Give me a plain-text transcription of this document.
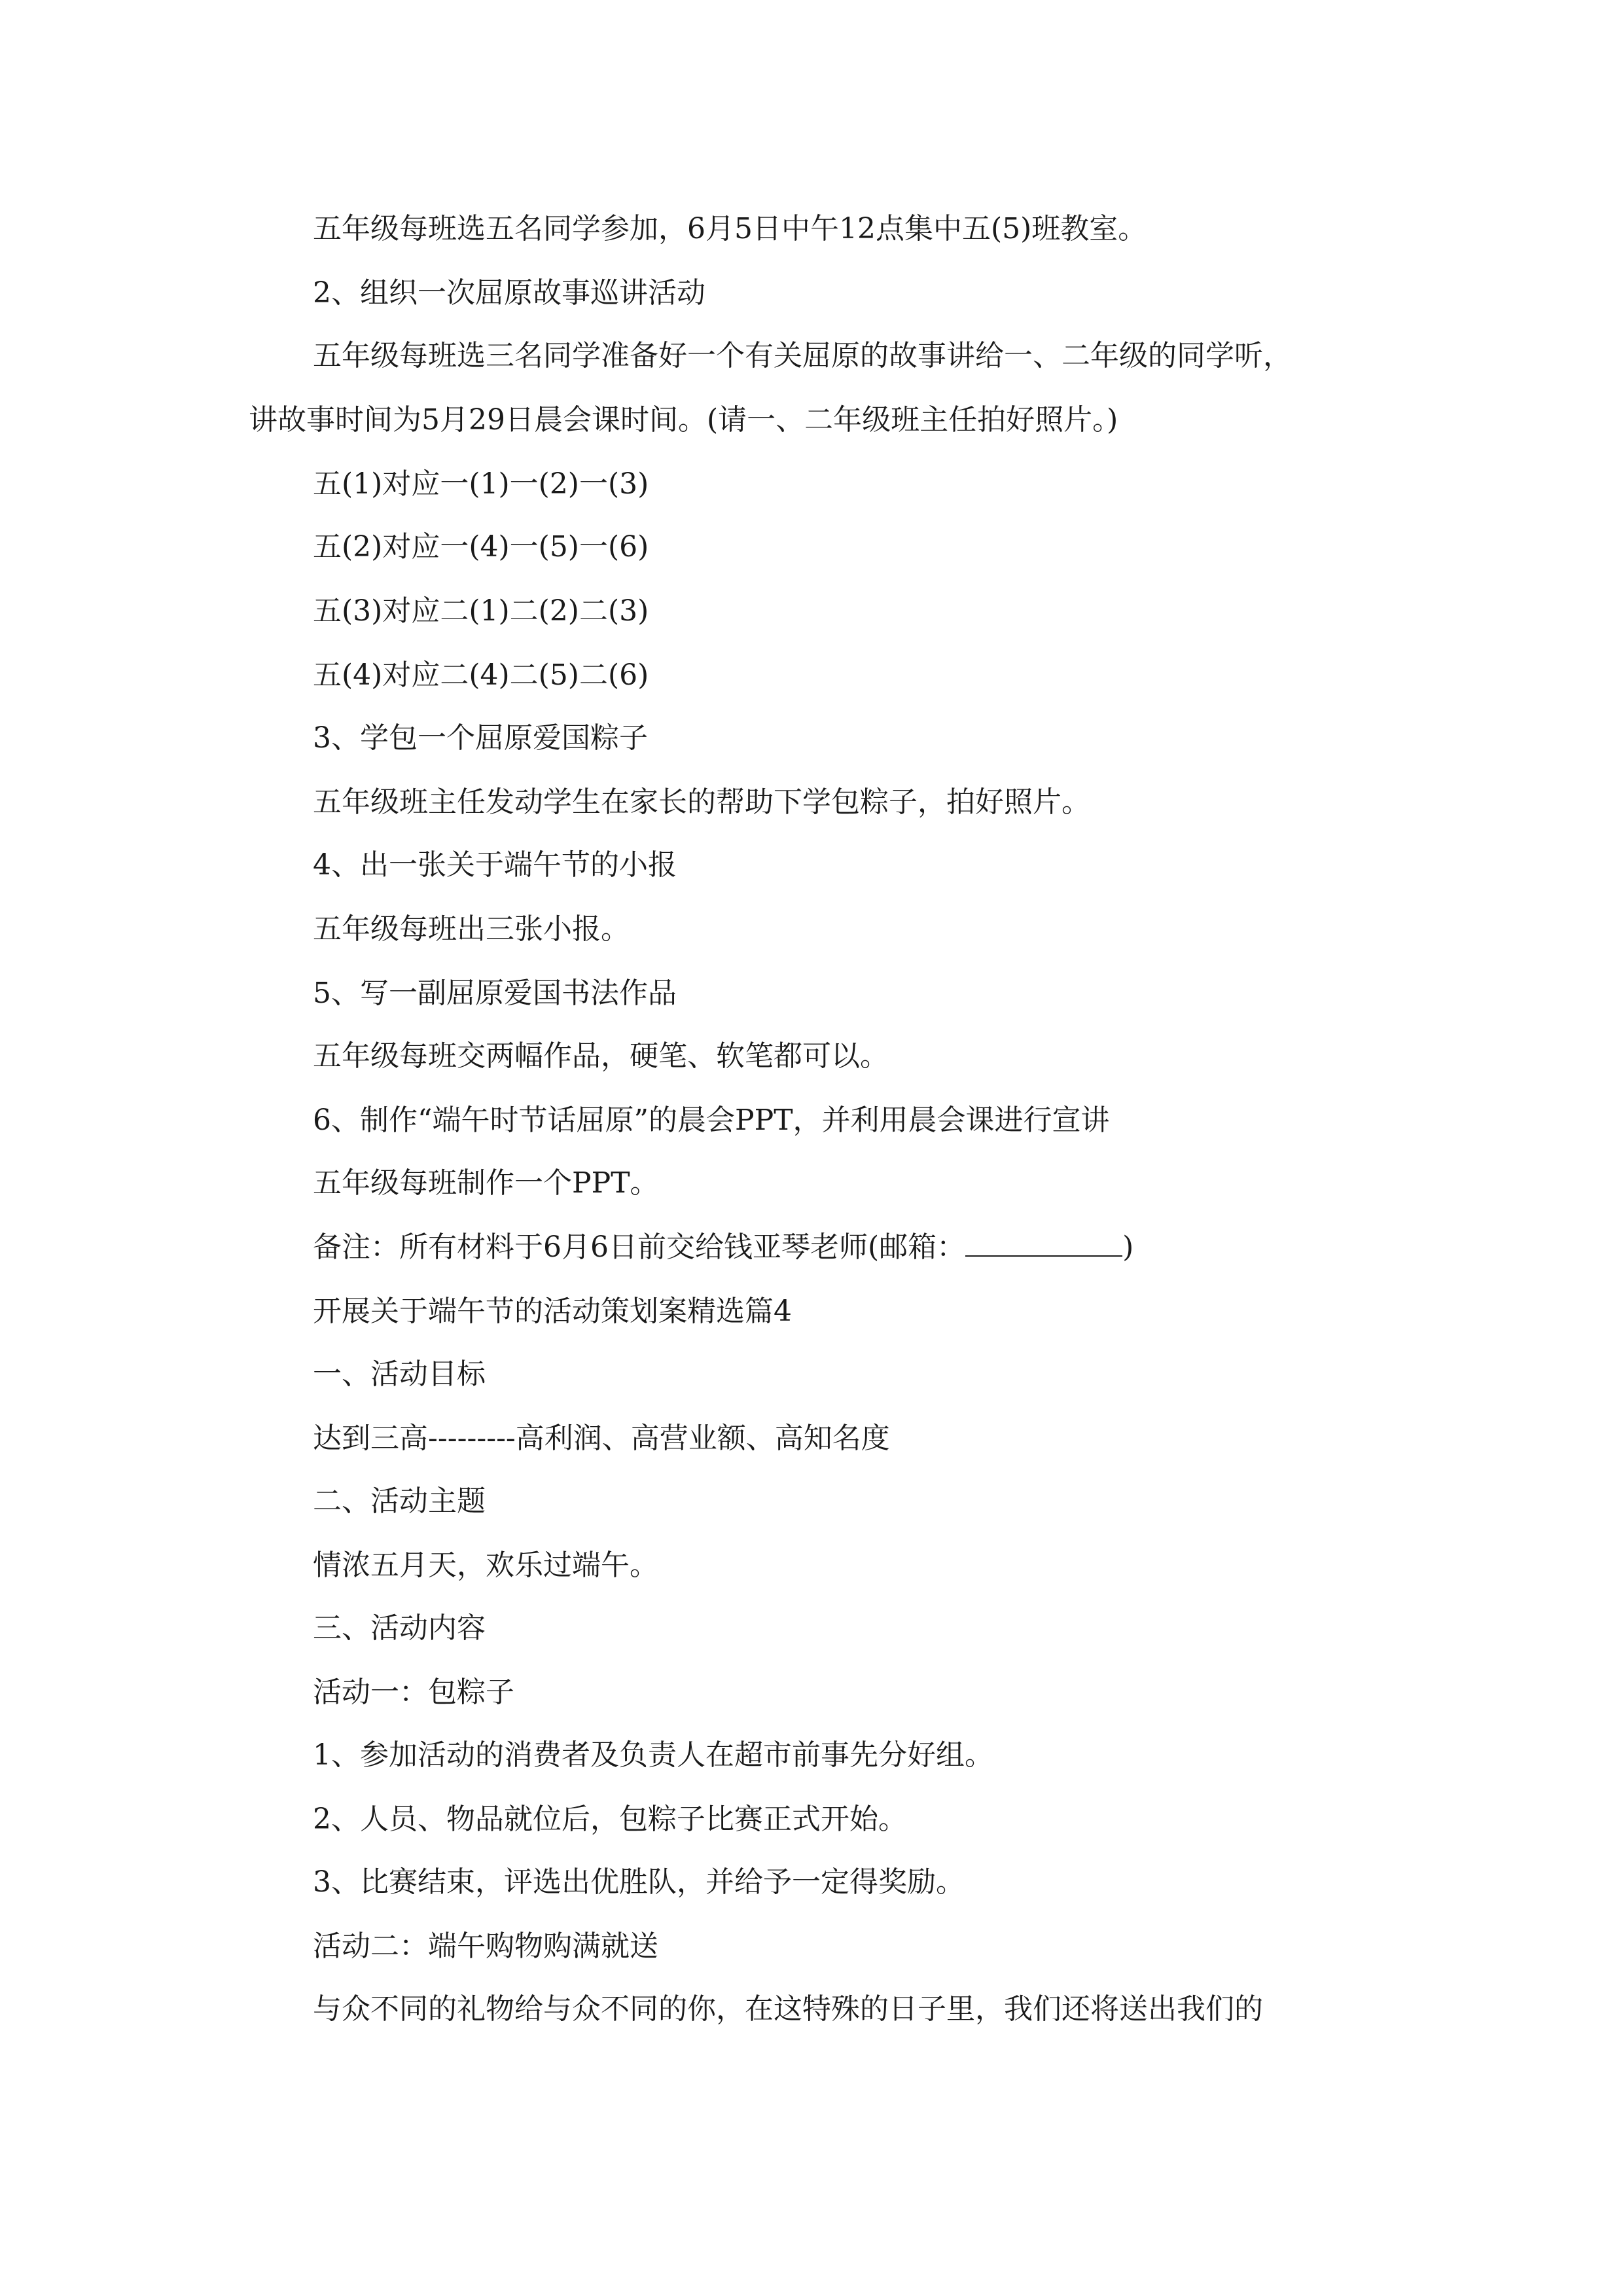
五年级每班选五名同学参加，6月5日中午12点集中五(5)班教室。
2、组织一次屈原故事巡讲活动
五年级每班选三名同学准备好一个有关屈原的故事讲给一、二年级的同学听，
讲故事时间为5月29日晨会课时间。(请一、二年级班主任拍好照片。)
五(1)对应一(1)一(2)一(3)
五(2)对应一(4)一(5)一(6)
五(3)对应二(1)二(2)二(3)
五(4)对应二(4)二(5)二(6)
3、学包一个屈原爱国粽子
五年级班主任发动学生在家长的帮助下学包粽子，拍好照片。
4、出一张关于端午节的小报
五年级每班出三张小报。
5、写一副屈原爱国书法作品
五年级每班交两幅作品，硬笔、软笔都可以。
6、制作“端午时节话屈原”的晨会PPT，并利用晨会课进行宣讲
五年级每班制作一个PPT。
备注：所有材料于6月6日前交给钱亚琴老师(邮箱：	)
开展关于端午节的活动策划案精选篇4
一、活动目标
达到三高---------高利润、高营业额、高知名度
二、活动主题
情浓五月天，欢乐过端午。
三、活动内容
活动一：包粽子
1、参加活动的消费者及负责人在超市前事先分好组。
2、人员、物品就位后，包粽子比赛正式开始。
3、比赛结束，评选出优胜队，并给予一定得奖励。
活动二：端午购物购满就送
与众不同的礼物给与众不同的你，在这特殊的日子里，我们还将送出我们的
